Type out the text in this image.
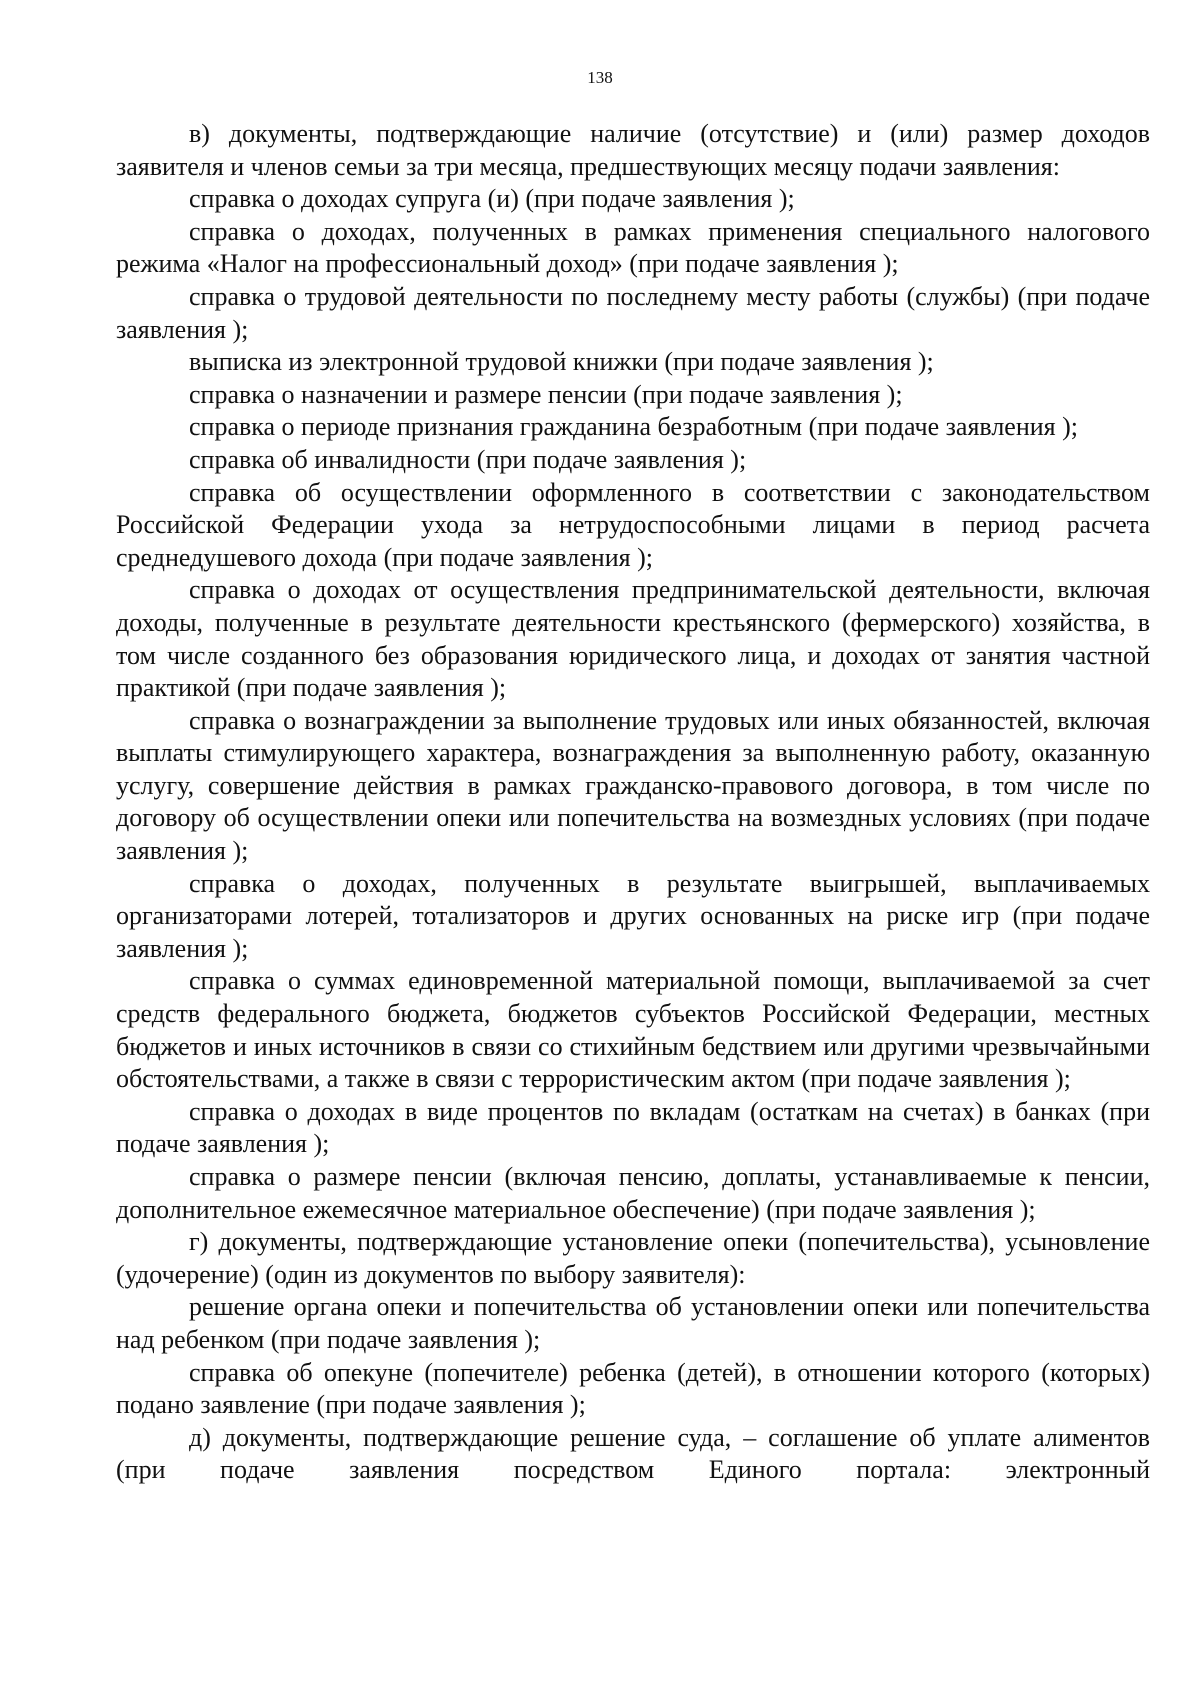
138

в) документы, подтверждающие наличие (отсутствие) и (или) размер доходов заявителя и членов семьи за три месяца, предшествующих месяцу подачи заявления:

справка о доходах супруга (и) (при подаче заявления );

справка о доходах, полученных в рамках применения специального налогового режима «Налог на профессиональный доход» (при подаче заявления );

справка о трудовой деятельности по последнему месту работы (службы) (при подаче заявления );

выписка из электронной трудовой книжки (при подаче заявления );

справка о назначении и размере пенсии (при подаче заявления );

справка о периоде признания гражданина безработным (при подаче заявления );

справка об инвалидности (при подаче заявления );

справка об осуществлении оформленного в соответствии с законодательством Российской Федерации ухода за нетрудоспособными лицами в период расчета среднедушевого дохода (при подаче заявления );

справка о доходах от осуществления предпринимательской деятельности, включая доходы, полученные в результате деятельности крестьянского (фермерского) хозяйства, в том числе созданного без образования юридического лица, и доходах от занятия частной практикой (при подаче заявления );

справка о вознаграждении за выполнение трудовых или иных обязанностей, включая выплаты стимулирующего характера, вознаграждения за выполненную работу, оказанную услугу, совершение действия в рамках гражданско-правового договора, в том числе по договору об осуществлении опеки или попечительства на возмездных условиях (при подаче заявления );

справка о доходах, полученных в результате выигрышей, выплачиваемых организаторами лотерей, тотализаторов и других основанных на риске игр (при подаче заявления );

справка о суммах единовременной материальной помощи, выплачиваемой за счет средств федерального бюджета, бюджетов субъектов Российской Федерации, местных бюджетов и иных источников в связи со стихийным бедствием или другими чрезвычайными обстоятельствами, а также в связи с террористическим актом (при подаче заявления );

справка о доходах в виде процентов по вкладам (остаткам на счетах) в банках (при подаче заявления );

справка о размере пенсии (включая пенсию, доплаты, устанавливаемые к пенсии, дополнительное ежемесячное материальное обеспечение) (при подаче заявления );

г) документы, подтверждающие установление опеки (попечительства), усыновление (удочерение) (один из документов по выбору заявителя):

решение органа опеки и попечительства об установлении опеки или попечительства над ребенком (при подаче заявления );

справка об опекуне (попечителе) ребенка (детей), в отношении которого (которых) подано заявление (при подаче заявления );

д) документы, подтверждающие решение суда, – соглашение об уплате алиментов (при подаче заявления посредством Единого портала: электронный
